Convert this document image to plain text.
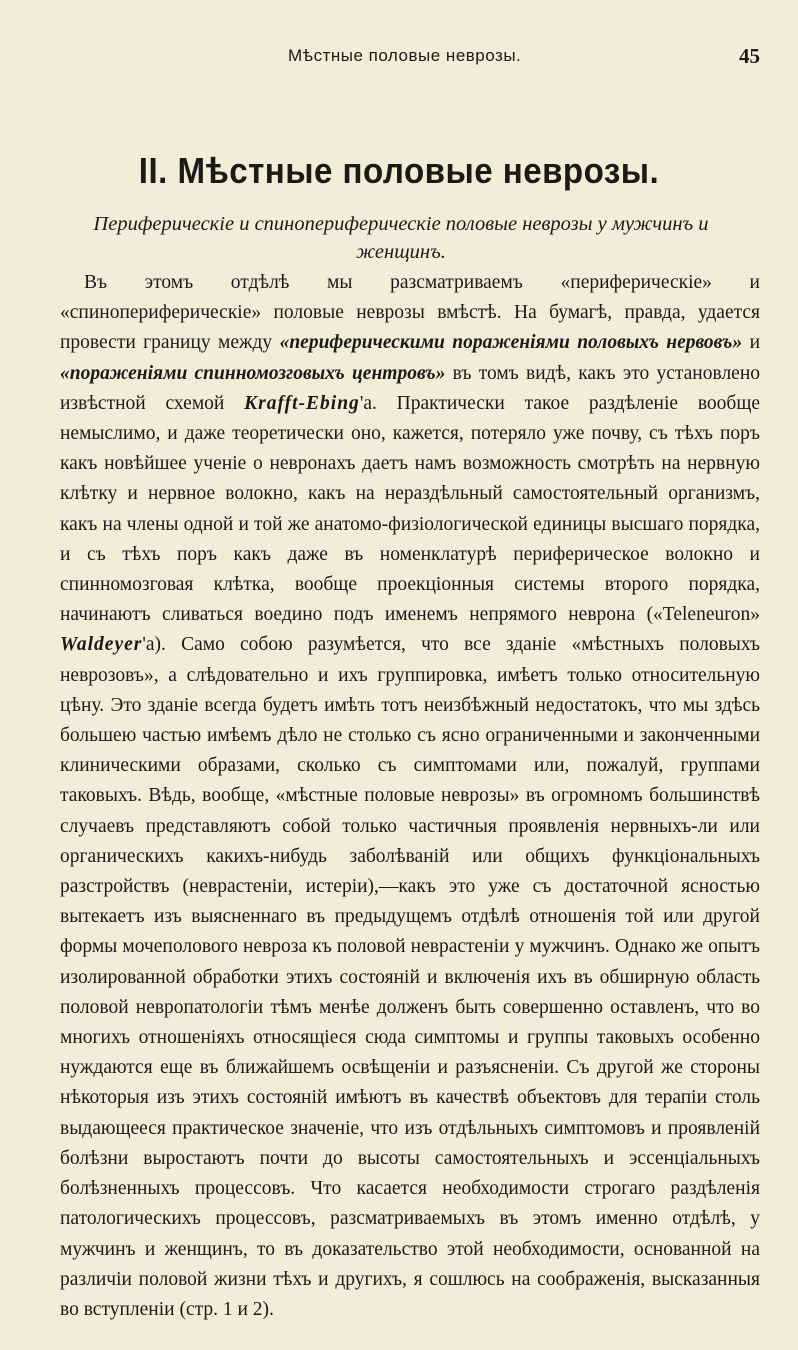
Мѣстные половые неврозы.	45
II. Мѣстные половые неврозы.
Периферическіе и спинопериферическіе половые неврозы у мужчинъ и женщинъ.

Въ этомъ отдѣлѣ мы разсматриваемъ «периферическіе» и «спинопериферическіе» половые неврозы вмѣстѣ. На бумагѣ, правда, удается провести границу между «периферическими пораженіями половыхъ нервовъ» и «пораженіями спинномозговыхъ центровъ» въ томъ видѣ, какъ это установлено извѣстной схемой Krafft-Ebing'а. Практически такое раздѣленіе вообще немыслимо, и даже теоретически оно, кажется, потеряло уже почву, съ тѣхъ поръ какъ новѣйшее ученіе о невронахъ даетъ намъ возможность смотрѣть на нервную клѣтку и нервное волокно, какъ на нераздѣльный самостоятельный организмъ, какъ на члены одной и той же анатомо-физіологической единицы высшаго порядка, и съ тѣхъ поръ какъ даже въ номенклатурѣ периферическое волокно и спинномозговая клѣтка, вообще проекціонныя системы второго порядка, начинаютъ сливаться воедино подъ именемъ непрямого неврона («Teleneuron» Waldeyer'а). Само собою разумѣется, что все зданіе «мѣстныхъ половыхъ неврозовъ», а слѣдовательно и ихъ группировка, имѣетъ только относительную цѣну. Это зданіе всегда будетъ имѣть тотъ неизбѣжный недостатокъ, что мы здѣсь большею частью имѣемъ дѣло не столько съ ясно ограниченными и законченными клиническими образами, сколько съ симптомами или, пожалуй, группами таковыхъ. Вѣдь, вообще, «мѣстные половые неврозы» въ огромномъ большинствѣ случаевъ представляютъ собой только частичныя проявленія нервныхъ-ли или органическихъ какихъ-нибудь заболѣваній или общихъ функціональныхъ разстройствъ (неврастеніи, истеріи),—какъ это уже съ достаточной ясностью вытекаетъ изъ выясненнаго въ предыдущемъ отдѣлѣ отношенія той или другой формы мочеполового невроза къ половой неврастеніи у мужчинъ. Однако же опытъ изолированной обработки этихъ состояній и включенія ихъ въ обширную область половой невропатологіи тѣмъ менѣе долженъ быть совершенно оставленъ, что во многихъ отношеніяхъ относящіеся сюда симптомы и группы таковыхъ особенно нуждаются еще въ ближайшемъ освѣщеніи и разъясненіи. Съ другой же стороны нѣкоторыя изъ этихъ состояній имѣютъ въ качествѣ объектовъ для терапіи столь выдающееся практическое значеніе, что изъ отдѣльныхъ симптомовъ и проявленій болѣзни выростаютъ почти до высоты самостоятельныхъ и эссенціальныхъ болѣзненныхъ процессовъ. Что касается необходимости строгаго раздѣленія патологическихъ процессовъ, разсматриваемыхъ въ этомъ именно отдѣлѣ, у мужчинъ и женщинъ, то въ доказательство этой необходимости, основанной на различіи половой жизни тѣхъ и другихъ, я сошлюсь на соображенія, высказанныя во вступленіи (стр. 1 и 2).
